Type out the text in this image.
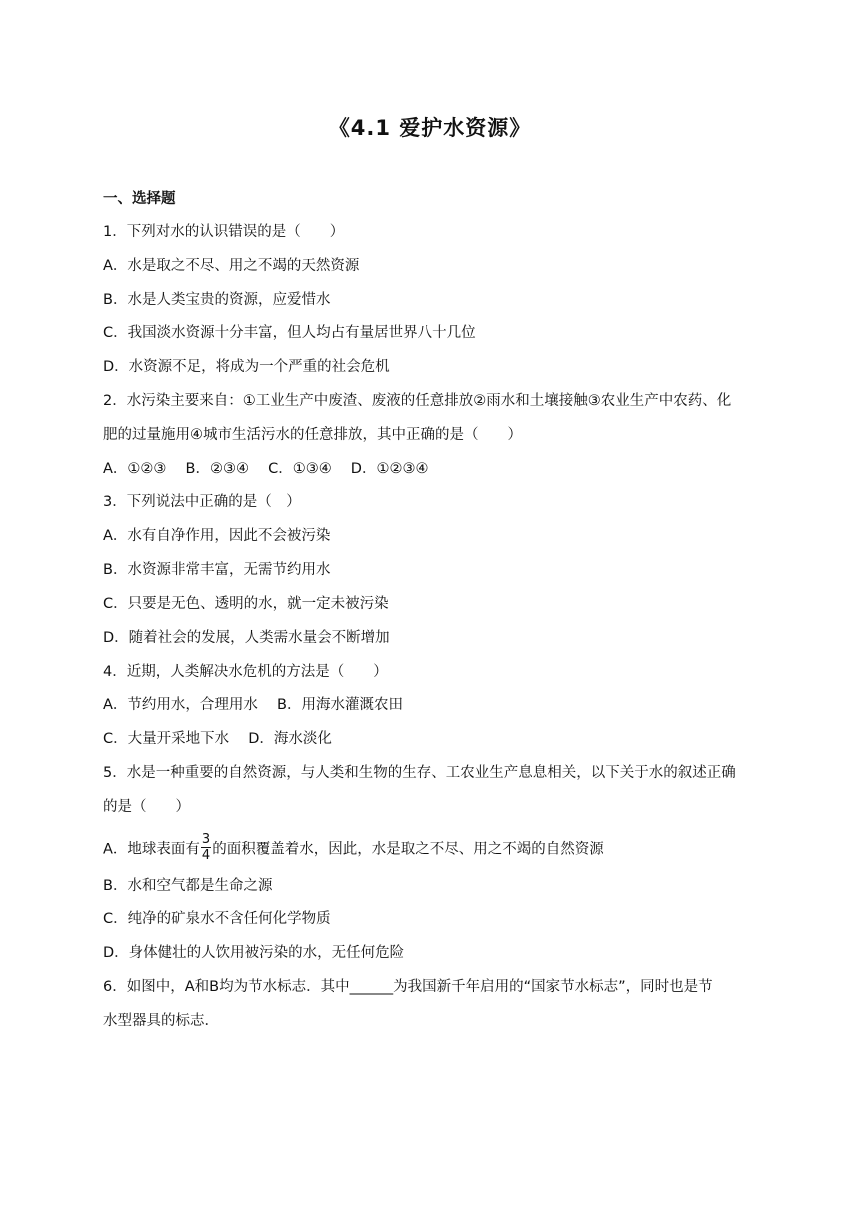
《4.1 爱护水资源》
一、选择题
1．下列对水的认识错误的是（　　）
A．水是取之不尽、用之不竭的天然资源
B．水是人类宝贵的资源，应爱惜水
C．我国淡水资源十分丰富，但人均占有量居世界八十几位
D．水资源不足，将成为一个严重的社会危机
2．水污染主要来自：①工业生产中废渣、废液的任意排放②雨水和土壤接触③农业生产中农药、化
肥的过量施用④城市生活污水的任意排放，其中正确的是（　　）
A．①②③　 B．②③④　 C．①③④　 D．①②③④
3．下列说法中正确的是（　）
A．水有自净作用，因此不会被污染
B．水资源非常丰富，无需节约用水
C．只要是无色、透明的水，就一定未被污染
D．随着社会的发展，人类需水量会不断增加
4．近期，人类解决水危机的方法是（　　）
A．节约用水，合理用水　 B．用海水灌溉农田
C．大量开采地下水　 D．海水淡化
5．水是一种重要的自然资源，与人类和生物的生存、工农业生产息息相关，以下关于水的叙述正确
的是（　　）
A．地球表面有 $\frac{3}{4}$ 的面积覆盖着水，因此，水是取之不尽、用之不竭的自然资源
B．水和空气都是生命之源
C．纯净的矿泉水不含任何化学物质
D．身体健壮的人饮用被污染的水，无任何危险
6．如图中，A和B均为节水标志．其中______为我国新千年启用的“国家节水标志”，同时也是节
水型器具的标志．
